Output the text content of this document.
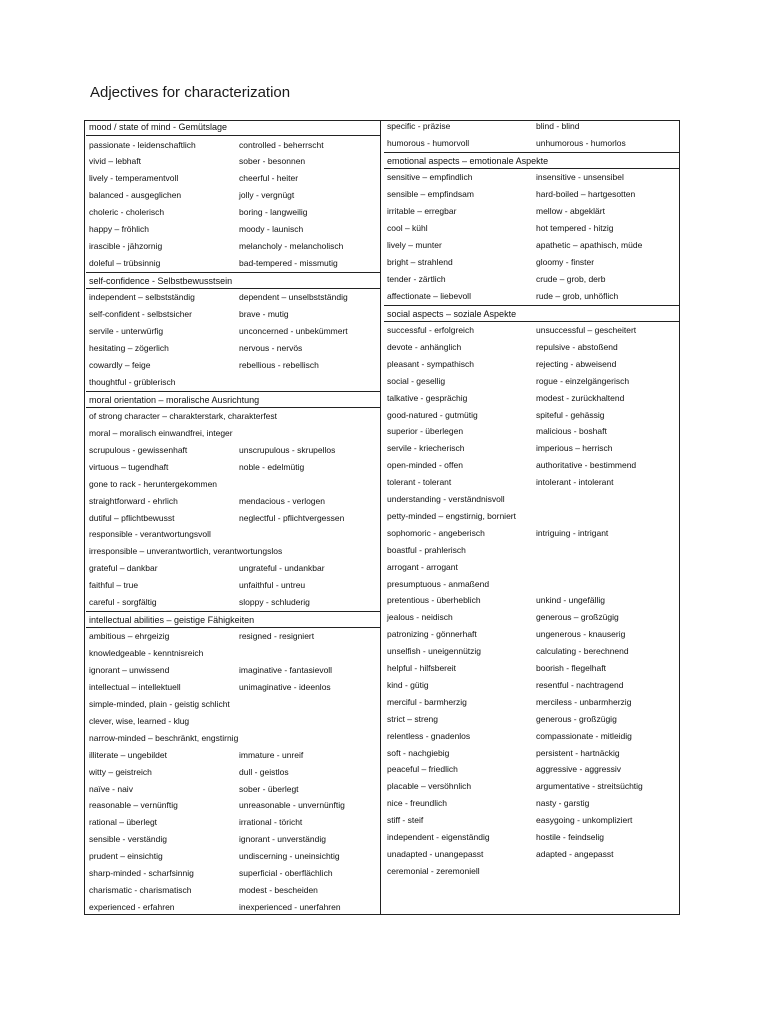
Adjectives for characterization
mood / state of mind - Gemütslage
passionate - leidenschaftlich	controlled - beherrscht
vivid – lebhaft	sober - besonnen
lively - temperamentvoll	cheerful - heiter
balanced - ausgeglichen	jolly - vergnügt
choleric - cholerisch	boring - langweilig
happy – fröhlich	moody - launisch
irascible - jähzornig	melancholy - melancholisch
doleful – trübsinnig	bad-tempered - missmutig
self-confidence - Selbstbewusstsein
independent – selbstständig	dependent – unselbstständig
self-confident - selbstsicher	brave - mutig
servile - unterwürfig	unconcerned - unbekümmert
hesitating – zögerlich	nervous - nervös
cowardly – feige	rebellious - rebellisch
thoughtful - grüblerisch
moral orientation – moralische Ausrichtung
of strong character – charakterstark, charakterfest
moral – moralisch einwandfrei, integer
scrupulous - gewissenhaft	unscrupulous - skrupellos
virtuous – tugendhaft	noble - edelmütig
gone to rack - heruntergekommen
straightforward - ehrlich	mendacious - verlogen
dutiful – pflichtbewusst	neglectful - pflichtvergessen
responsible - verantwortungsvoll
irresponsible – unverantwortlich, verantwortungslos
grateful – dankbar	ungrateful - undankbar
faithful – true	unfaithful - untreu
careful - sorgfältig	sloppy - schluderig
intellectual abilities – geistige Fähigkeiten
ambitious – ehrgeizig	resigned - resigniert
knowledgeable - kenntnisreich
ignorant – unwissend	imaginative - fantasievoll
intellectual – intellektuell	unimaginative - ideenlos
simple-minded, plain - geistig schlicht
clever, wise, learned - klug
narrow-minded – beschränkt, engstirnig
illiterate – ungebildet	immature - unreif
witty – geistreich	dull - geistlos
naïve - naiv	sober - überlegt
reasonable – vernünftig	unreasonable - unvernünftig
rational – überlegt	irrational - töricht
sensible - verständig	ignorant - unverständig
prudent – einsichtig	undiscerning - uneinsichtig
sharp-minded - scharfsinnig	superficial - oberflächlich
charismatic - charismatisch	modest - bescheiden
experienced - erfahren	inexperienced - unerfahren
specific - präzise	blind - blind
humorous - humorvoll	unhumorous - humorlos
emotional aspects – emotionale Aspekte
sensitive – empfindlich	insensitive - unsensibel
sensible – empfindsam	hard-boiled – hartgesotten
irritable – erregbar	mellow - abgeklärt
cool – kühl	hot tempered - hitzig
lively – munter	apathetic – apathisch, müde
bright – strahlend	gloomy - finster
tender - zärtlich	crude – grob, derb
affectionate – liebevoll	rude – grob, unhöflich
social aspects – soziale Aspekte
successful - erfolgreich	unsuccessful – gescheitert
devote - anhänglich	repulsive - abstoßend
pleasant - sympathisch	rejecting - abweisend
social - gesellig	rogue - einzelgängerisch
talkative - gesprächig	modest - zurückhaltend
good-natured - gutmütig	spiteful - gehässig
superior - überlegen	malicious - boshaft
servile - kriecherisch	imperious – herrisch
open-minded - offen	authoritative - bestimmend
tolerant - tolerant	intolerant - intolerant
understanding - verständnisvoll
petty-minded – engstirnig, borniert
sophomoric - angeberisch	intriguing - intrigant
boastful - prahlerisch
arrogant - arrogant
presumptuous - anmaßend
pretentious - überheblich	unkind - ungefällig
jealous - neidisch	generous – großzügig
patronizing - gönnerhaft	ungenerous - knauserig
unselfish - uneigennützig	calculating - berechnend
helpful - hilfsbereit	boorish - flegelhaft
kind - gütig	resentful - nachtragend
merciful - barmherzig	merciless - unbarmherzig
strict – streng	generous - großzügig
relentless - gnadenlos	compassionate - mitleidig
soft - nachgiebig	persistent - hartnäckig
peaceful – friedlich	aggressive - aggressiv
placable – versöhnlich	argumentative - streitsüchtig
nice - freundlich	nasty - garstig
stiff - steif	easygoing - unkompliziert
independent - eigenständig	hostile - feindselig
unadapted - unangepasst	adapted - angepasst
ceremonial - zeremoniell
